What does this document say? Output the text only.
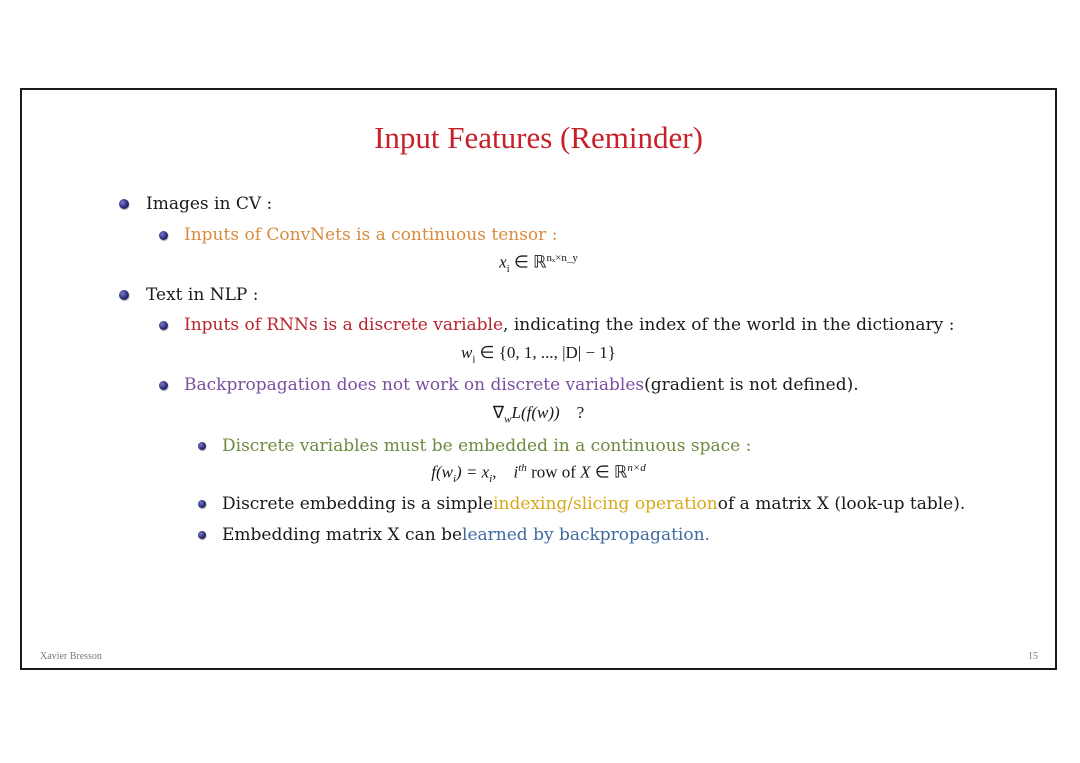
Input Features (Reminder)
Images in CV :
Inputs of ConvNets is a continuous tensor :
$x_i$ ∈ ℝ$^{n_x\times n\_y}$
Text in NLP :
Inputs of RNNs is a discrete variable , indicating the index of the world in the dictionary :
$w_i$ ∈ {0, 1, ..., |D| − 1}
Backpropagation does not work on discrete variables (gradient is not defined).
$\nabla_wL(f(w))$ ?
Discrete variables must be embedded in a continuous space :
$f(w_i) = x_i$, $i^{th}$ row of X ∈ ℝ$^{n\times d}$
Discrete embedding is a simple indexing/slicing operation of a matrix X (look-up table).
Embedding matrix X can be learned by backpropagation.
Xavier Bresson	15
